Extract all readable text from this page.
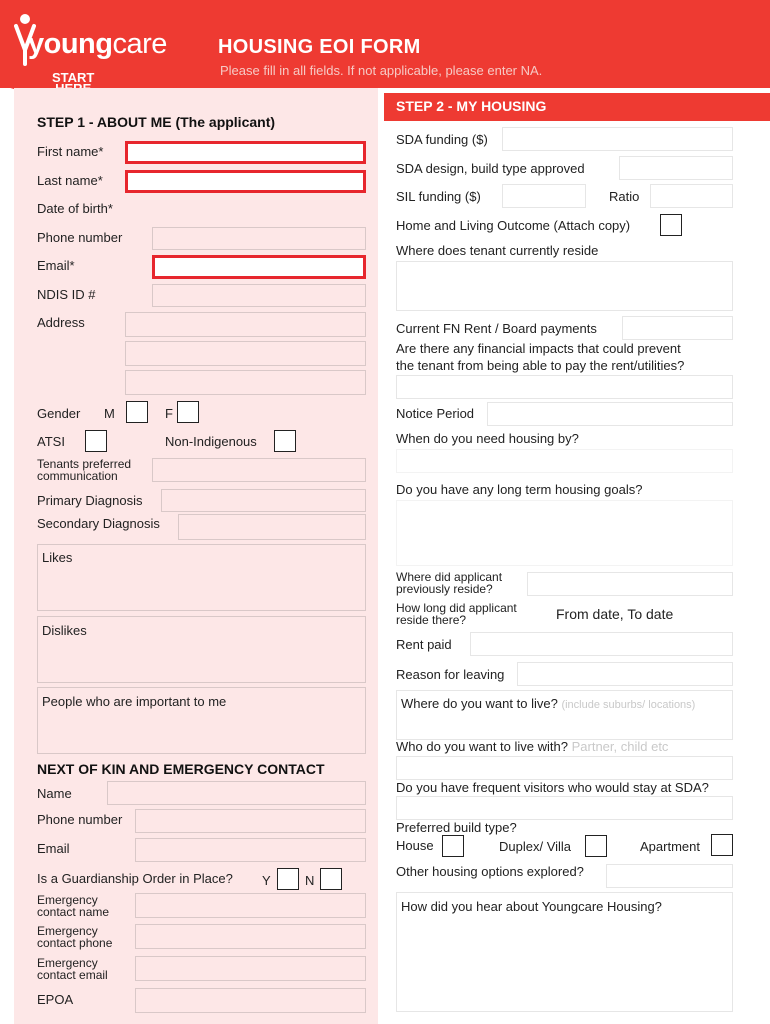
youngcare	HOUSING EOI FORM
Please fill in all fields. If not applicable, please enter NA.
START
STEP 1 - ABOUT ME (The applicant)
First name*
Last name*
Date of birth*
Phone number
Email*
NDIS ID #
Address
Gender M	F
ATSI	Non-Indigenous
Tenants preferred
communication
Primary Diagnosis
Secondary Diagnosis
Likes
Dislikes
People who are important to me
NEXT OF KIN AND EMERGENCY CONTACT
Name
Phone number
Email
Is a Guardianship Order in Place? Y	N
Emergency
contact name
Emergency
contact phone
Emergency
contact email
EPOA
STEP 2 - MY HOUSING
SDA funding ($)
SDA design, build type approved
SIL funding ($)	Ratio
Home and Living Outcome (Attach copy)
Where does tenant currently reside
Current FN Rent / Board payments
Are there any financial impacts that could prevent
the tenant from being able to pay the rent/utilities?
Notice Period
When do you need housing by?
Do you have any long term housing goals?
Where did applicant
previously reside?
How long did applicant
reside there?	From date, To date
Rent paid
Reason for leaving
Where do you want to live? (include suburbs/ locations)
Who do you want to live with? Partner, child etc
Do you have frequent visitors who would stay at SDA?
Preferred build type?
House	Duplex/ Villa	Apartment
Other housing options explored?
How did you hear about Youngcare Housing?
